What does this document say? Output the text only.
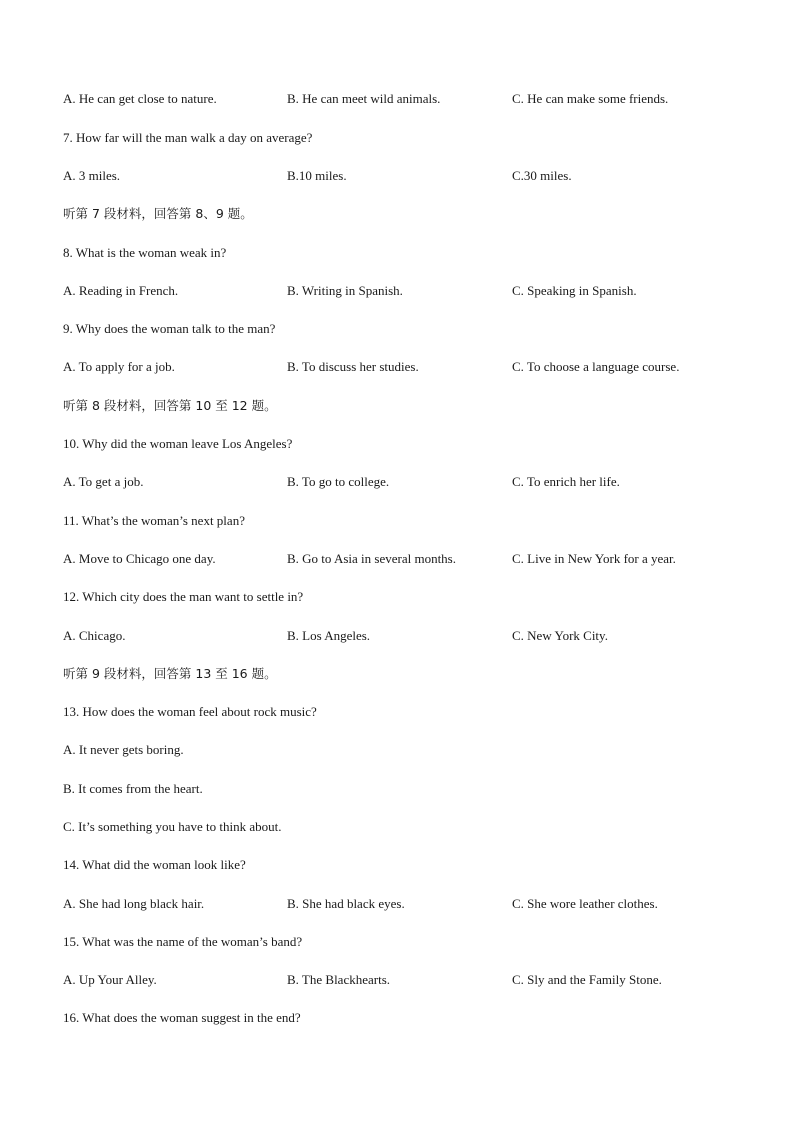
A. He can get close to nature.	B. He can meet wild animals.	C. He can make some friends.
7. How far will the man walk a day on average?
A. 3 miles.	B.10 miles.	C.30 miles.
听第 7 段材料，回答第 8、9 题。
8. What is the woman weak in?
A. Reading in French.	B. Writing in Spanish.	C. Speaking in Spanish.
9. Why does the woman talk to the man?
A. To apply for a job.	B. To discuss her studies.	C. To choose a language course.
听第 8 段材料，回答第 10 至 12 题。
10. Why did the woman leave Los Angeles?
A. To get a job.	B. To go to college.	C. To enrich her life.
11. What’s the woman’s next plan?
A. Move to Chicago one day.	B. Go to Asia in several months.	C. Live in New York for a year.
12. Which city does the man want to settle in?
A. Chicago.	B. Los Angeles.	C. New York City.
听第 9 段材料，回答第 13 至 16 题。
13. How does the woman feel about rock music?
A. It never gets boring.
B. It comes from the heart.
C. It’s something you have to think about.
14. What did the woman look like?
A. She had long black hair.	B. She had black eyes.	C. She wore leather clothes.
15. What was the name of the woman’s band?
A. Up Your Alley.	B. The Blackhearts.	C. Sly and the Family Stone.
16. What does the woman suggest in the end?
